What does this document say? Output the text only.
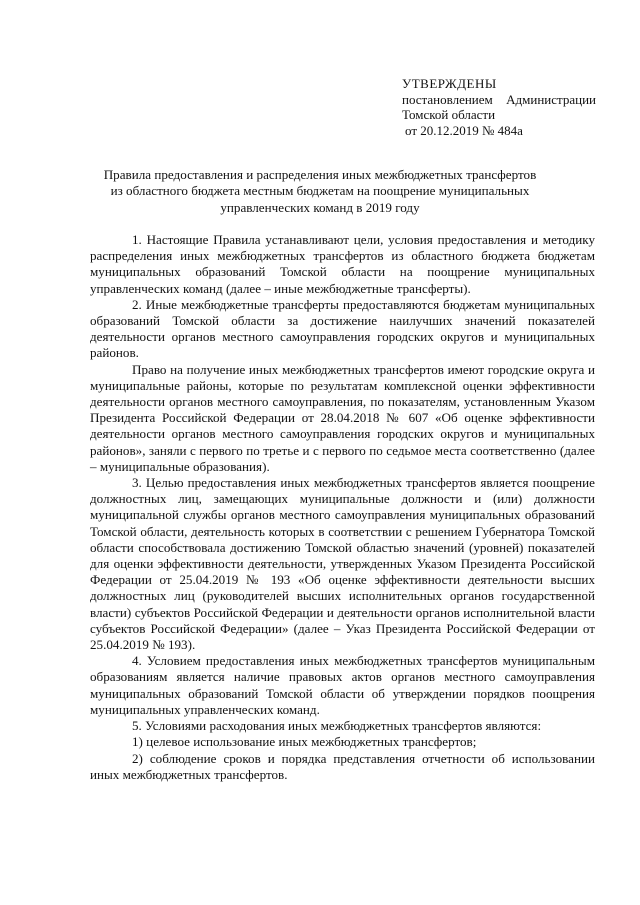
УТВЕРЖДЕНЫ
постановлением Администрации
Томской области
от 20.12.2019 № 484а
Правила предоставления и распределения иных межбюджетных трансфертов
из областного бюджета местным бюджетам на поощрение муниципальных
управленческих команд в 2019 году

1. Настоящие Правила устанавливают цели, условия предоставления и методику распределения иных межбюджетных трансфертов из областного бюджета бюджетам муниципальных образований Томской области на поощрение муниципальных управленческих команд (далее – иные межбюджетные трансферты).

2. Иные межбюджетные трансферты предоставляются бюджетам муниципальных образований Томской области за достижение наилучших значений показателей деятельности органов местного самоуправления городских округов и муниципальных районов.

Право на получение иных межбюджетных трансфертов имеют городские округа и муниципальные районы, которые по результатам комплексной оценки эффективности деятельности органов местного самоуправления, по показателям, установленным Указом Президента Российской Федерации от 28.04.2018 № 607 «Об оценке эффективности деятельности органов местного самоуправления городских округов и муниципальных районов», заняли с первого по третье и с первого по седьмое места соответственно (далее – муниципальные образования).

3. Целью предоставления иных межбюджетных трансфертов является поощрение должностных лиц, замещающих муниципальные должности и (или) должности муниципальной службы органов местного самоуправления муниципальных образований Томской области, деятельность которых в соответствии с решением Губернатора Томской области способствовала достижению Томской областью значений (уровней) показателей для оценки эффективности деятельности, утвержденных Указом Президента Российской Федерации от 25.04.2019 № 193 «Об оценке эффективности деятельности высших должностных лиц (руководителей высших исполнительных органов государственной власти) субъектов Российской Федерации и деятельности органов исполнительной власти субъектов Российской Федерации» (далее – Указ Президента Российской Федерации от 25.04.2019 № 193).

4. Условием предоставления иных межбюджетных трансфертов муниципальным образованиям является наличие правовых актов органов местного самоуправления муниципальных образований Томской области об утверждении порядков поощрения муниципальных управленческих команд.

5. Условиями расходования иных межбюджетных трансфертов являются:

1) целевое использование иных межбюджетных трансфертов;

2) соблюдение сроков и порядка представления отчетности об использовании иных межбюджетных трансфертов.
